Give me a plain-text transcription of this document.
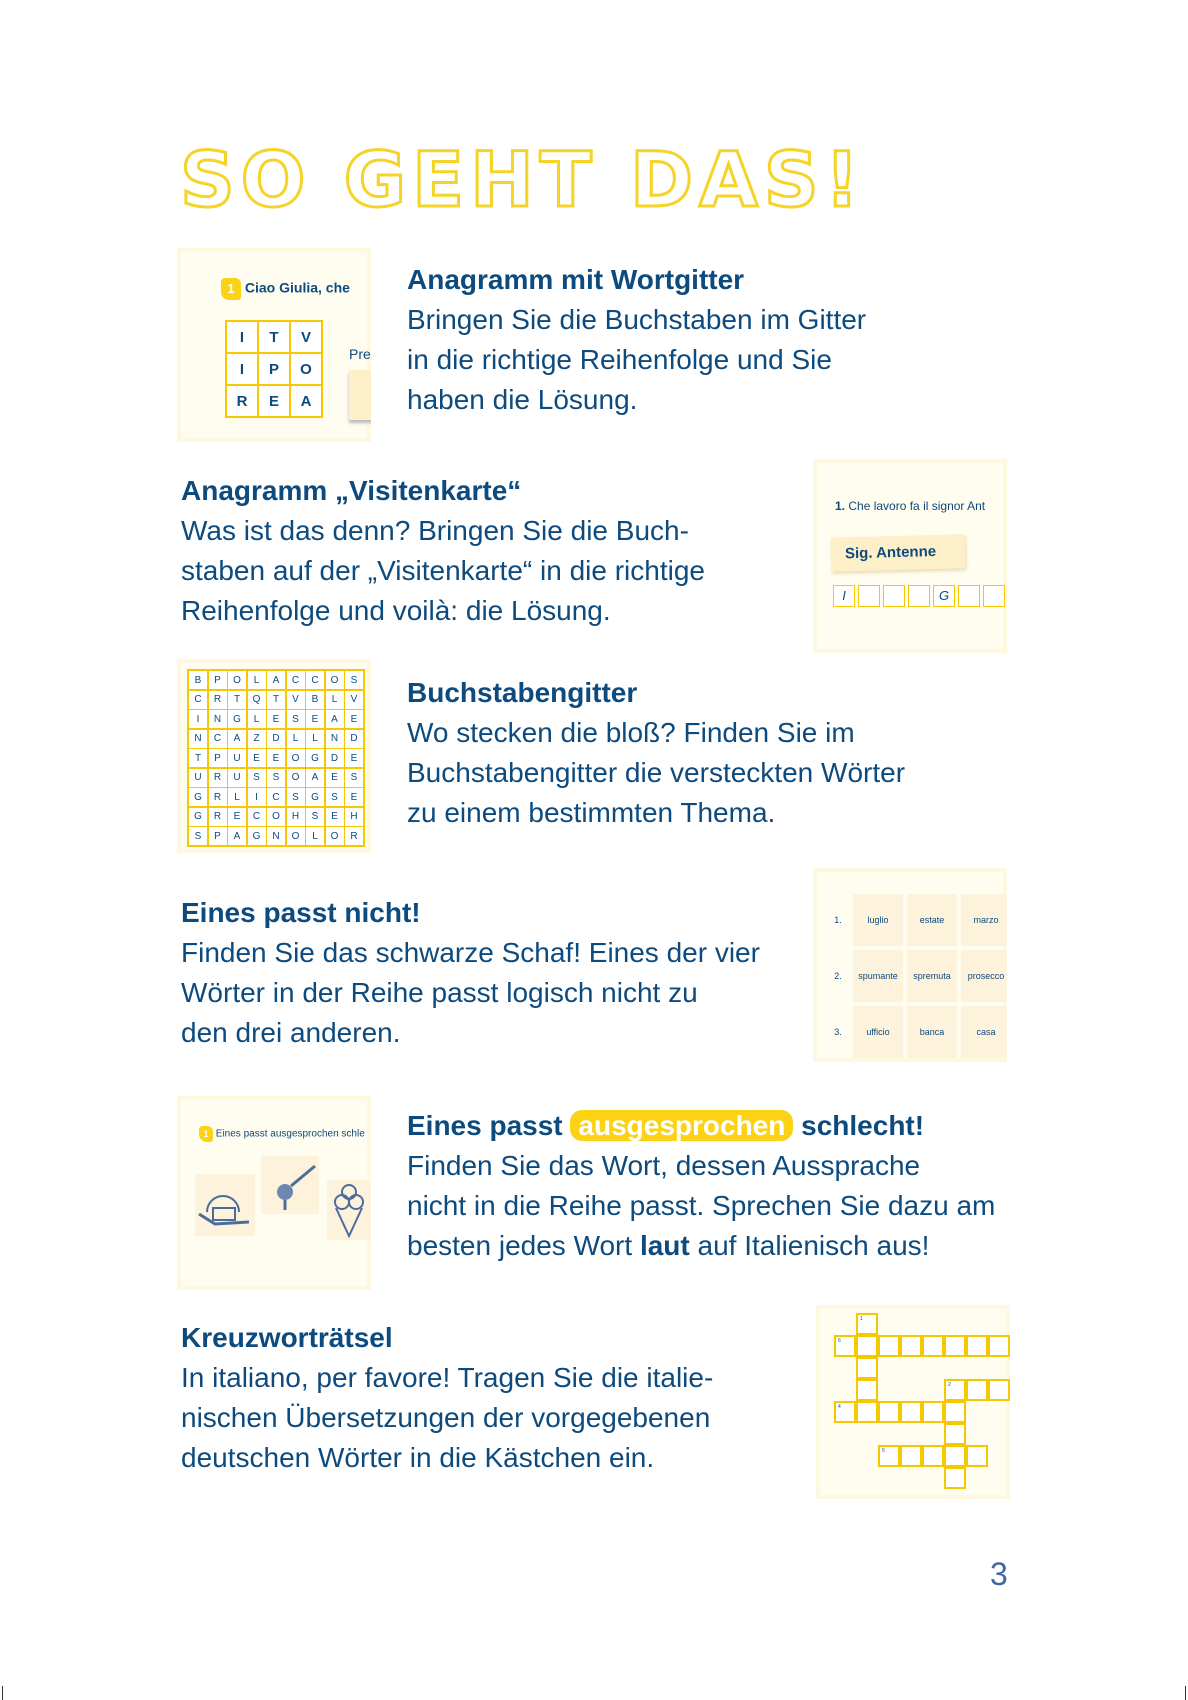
SO GEHT DAS!
1 Ciao Giulia, che
I	T	V
I	P	O
R	E	A
Pre
Anagramm mit Wortgitter
Bringen Sie die Buchstaben im Gitter
in die richtige Reihenfolge und Sie
haben die Lösung.
Anagramm „Visitenkarte“
Was ist das denn? Bringen Sie die Buch-
staben auf der „Visitenkarte“ in die richtige
Reihenfolge und voilà: die Lösung.
1. Che lavoro fa il signor Ant
Sig. Antenne
I	G
B	P	O	L	A	C	C	O	S
C	R	T	Q	T	V	B	L	V
I	N	G	L	E	S	E	A	E
N	C	A	Z	D	L	L	N	D
T	P	U	E	E	O	G	D	E
U	R	U	S	S	O	A	E	S
G	R	L	I	C	S	G	S	E
G	R	E	C	O	H	S	E	H
S	P	A	G	N	O	L	O	R
Buchstabengitter
Wo stecken die bloß? Finden Sie im
Buchstabengitter die versteckten Wörter
zu einem bestimmten Thema.
Eines passt nicht!
Finden Sie das schwarze Schaf! Eines der vier
Wörter in der Reihe passt logisch nicht zu
den drei anderen.
1.	luglio	estate	marzo
2.	spumante	spremuta	prosecco
3.	ufficio	banca	casa
1 Eines passt ausgesprochen schle Eines passt ausgesprochen schlecht!
Finden Sie das Wort, dessen Aussprache
nicht in die Reihe passt. Sprechen Sie dazu am
besten jedes Wort laut auf Italienisch aus!
Kreuzworträtsel
In italiano, per favore! Tragen Sie die italie-
nischen Übersetzungen der vorgegebenen
deutschen Wörter in die Kästchen ein.
1
6
2
4
5
3
